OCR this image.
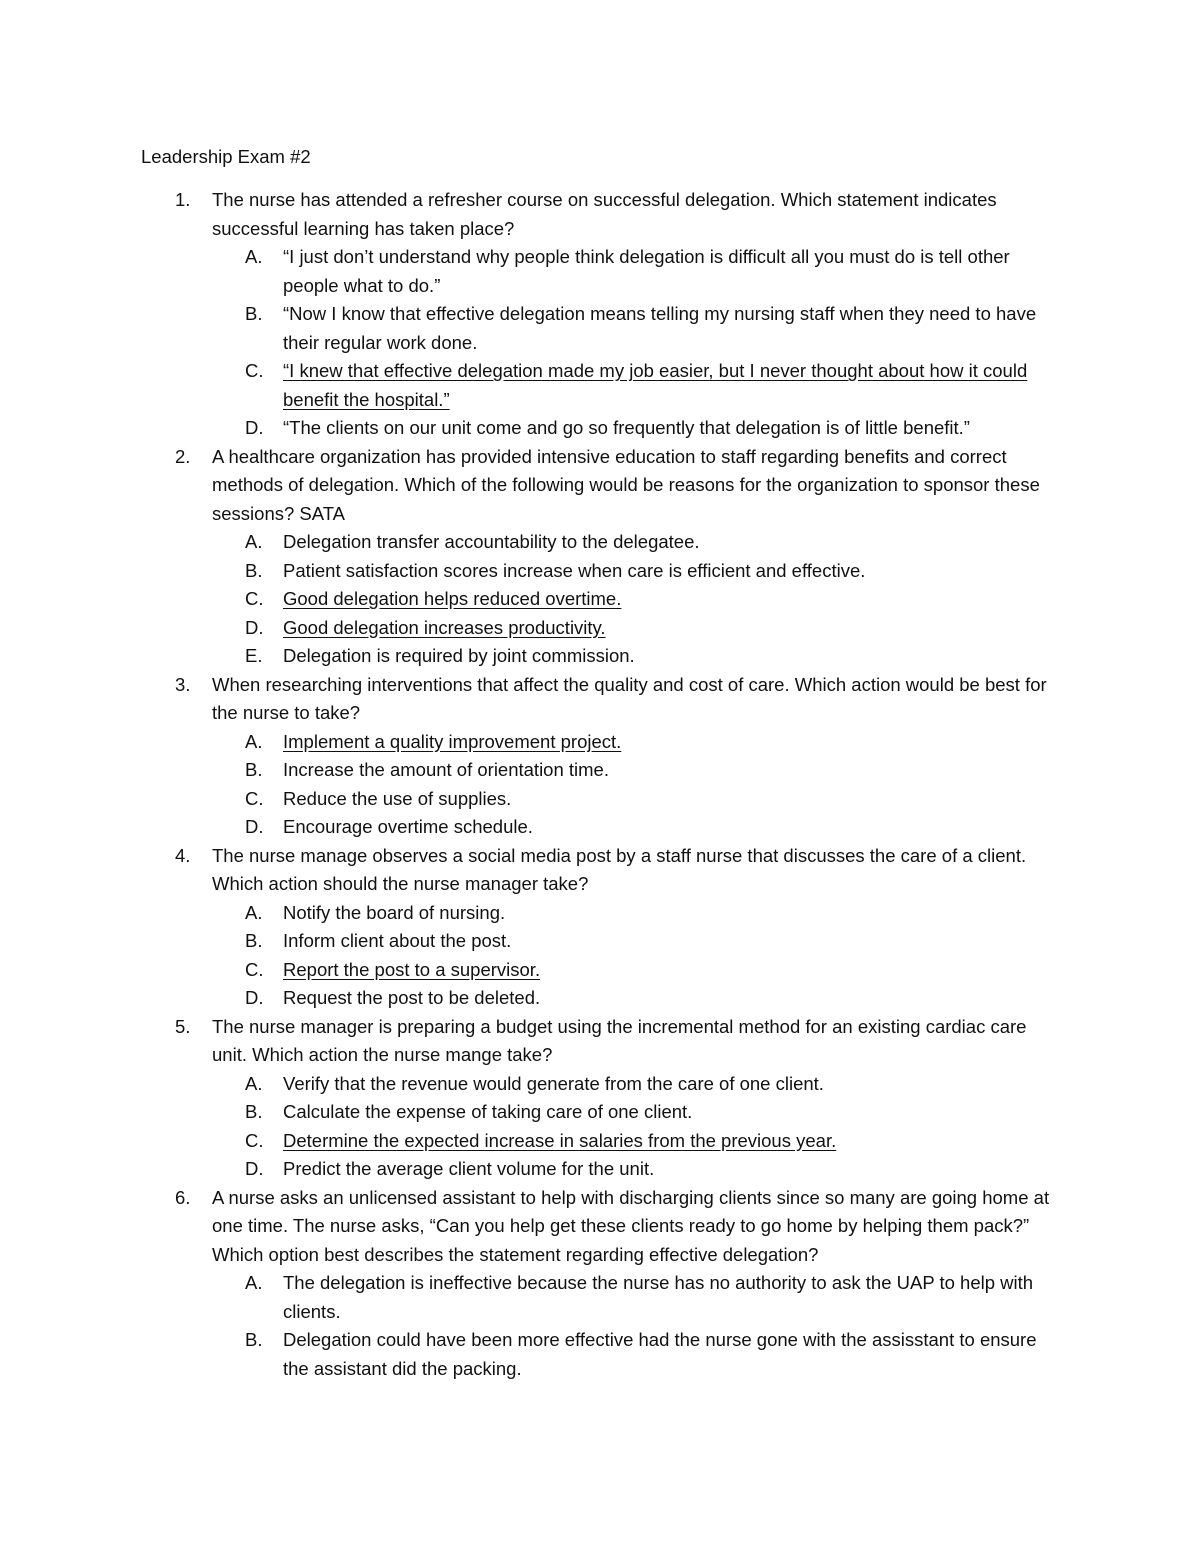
Leadership Exam #2
1. The nurse has attended a refresher course on successful delegation. Which statement indicates successful learning has taken place?
A. “I just don’t understand why people think delegation is difficult all you must do is tell other people what to do.”
B. “Now I know that effective delegation means telling my nursing staff when they need to have their regular work done.
C. “I knew that effective delegation made my job easier, but I never thought about how it could benefit the hospital.”
D. “The clients on our unit come and go so frequently that delegation is of little benefit.”
2. A healthcare organization has provided intensive education to staff regarding benefits and correct methods of delegation. Which of the following would be reasons for the organization to sponsor these sessions? SATA
A. Delegation transfer accountability to the delegatee.
B. Patient satisfaction scores increase when care is efficient and effective.
C. Good delegation helps reduced overtime.
D. Good delegation increases productivity.
E. Delegation is required by joint commission.
3. When researching interventions that affect the quality and cost of care. Which action would be best for the nurse to take?
A. Implement a quality improvement project.
B. Increase the amount of orientation time.
C. Reduce the use of supplies.
D. Encourage overtime schedule.
4. The nurse manage observes a social media post by a staff nurse that discusses the care of a client. Which action should the nurse manager take?
A. Notify the board of nursing.
B. Inform client about the post.
C. Report the post to a supervisor.
D. Request the post to be deleted.
5. The nurse manager is preparing a budget using the incremental method for an existing cardiac care unit. Which action the nurse mange take?
A. Verify that the revenue would generate from the care of one client.
B. Calculate the expense of taking care of one client.
C. Determine the expected increase in salaries from the previous year.
D. Predict the average client volume for the unit.
6. A nurse asks an unlicensed assistant to help with discharging clients since so many are going home at one time. The nurse asks, “Can you help get these clients ready to go home by helping them pack?” Which option best describes the statement regarding effective delegation?
A. The delegation is ineffective because the nurse has no authority to ask the UAP to help with clients.
B. Delegation could have been more effective had the nurse gone with the assisstant to ensure the assistant did the packing.
